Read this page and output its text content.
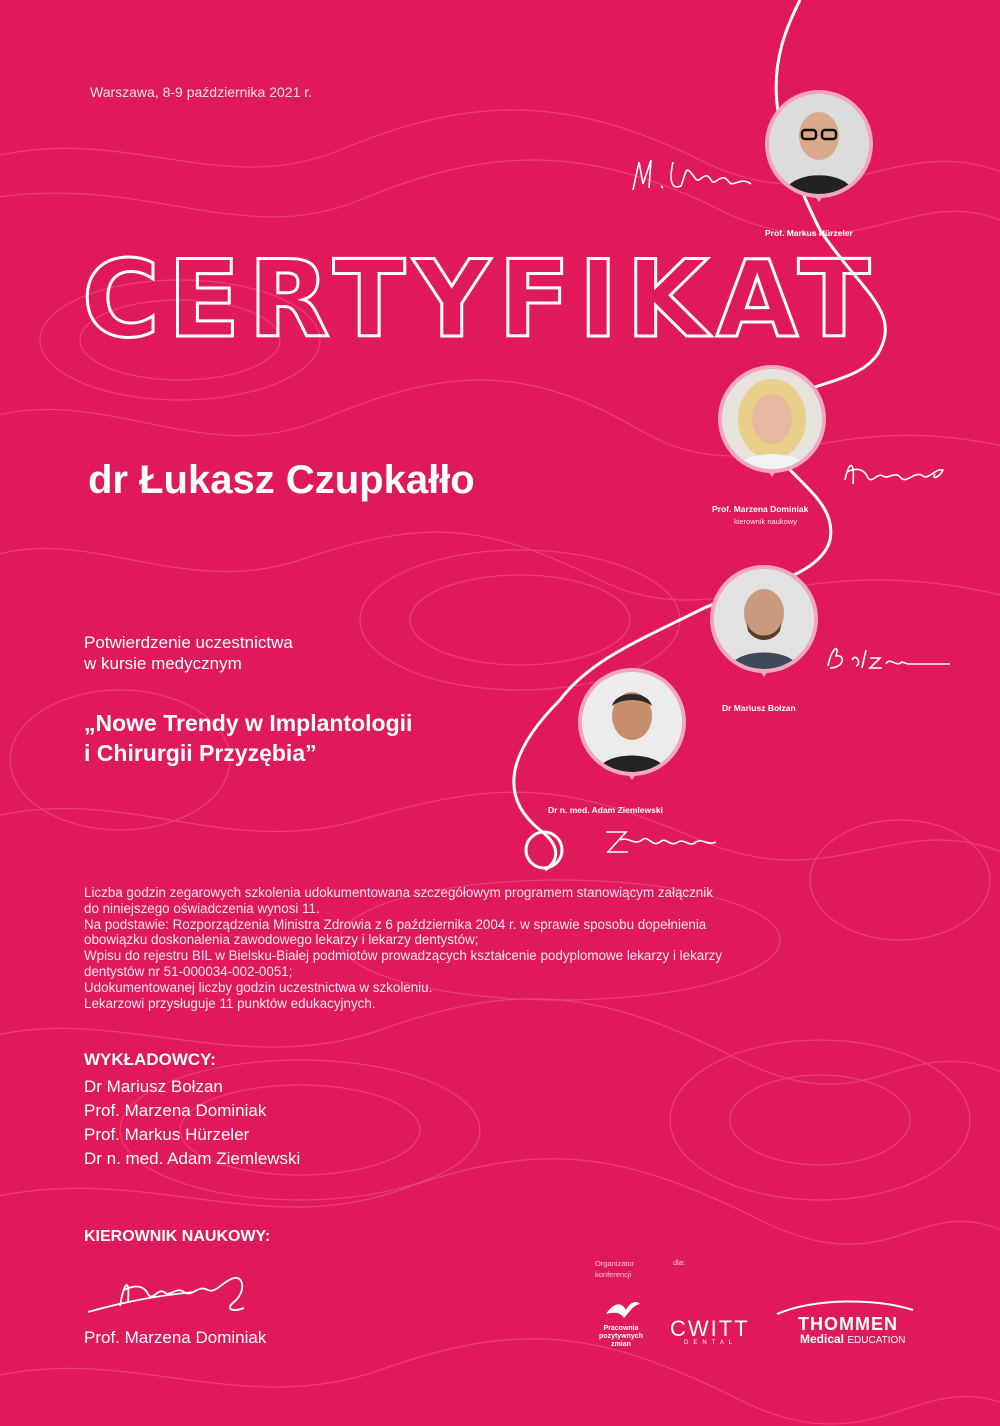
Warszawa, 8-9 października 2021 r.
CERTYFIKAT
dr Łukasz Czupkałło
Potwierdzenie uczestnictwa
w kursie medycznym
„Nowe Trendy w Implantologii
i Chirurgii Przyzębia”
Prof. Markus Hürzeler
Prof. Marzena Dominiak
kierownik naukowy
Dr Mariusz Bołzan
Dr n. med. Adam Ziemlewski
Liczba godzin zegarowych szkolenia udokumentowana szczegółowym programem stanowiącym załącznik
do niniejszego oświadczenia wynosi 11.
Na podstawie: Rozporządzenia Ministra Zdrowia z 6 października 2004 r. w sprawie sposobu dopełnienia
obowiązku doskonalenia zawodowego lekarzy i lekarzy dentystów;
Wpisu do rejestru BIL w Bielsku-Białej podmiotów prowadzących kształcenie podyplomowe lekarzy i lekarzy
dentystów nr 51-000034-002-0051;
Udokumentowanej liczby godzin uczestnictwa w szkoleniu.
Lekarzowi przysługuje 11 punktów edukacyjnych.
WYKŁADOWCY:
Dr Mariusz Bołzan
Prof. Marzena Dominiak
Prof. Markus Hürzeler
Dr n. med. Adam Ziemlewski
KIEROWNIK NAUKOWY:
Prof. Marzena Dominiak
Organizator konferencji
dla:
Pracownia pozytywnych zmian
CWITT
DENTAL
THOMMEN
Medical EDUCATION
